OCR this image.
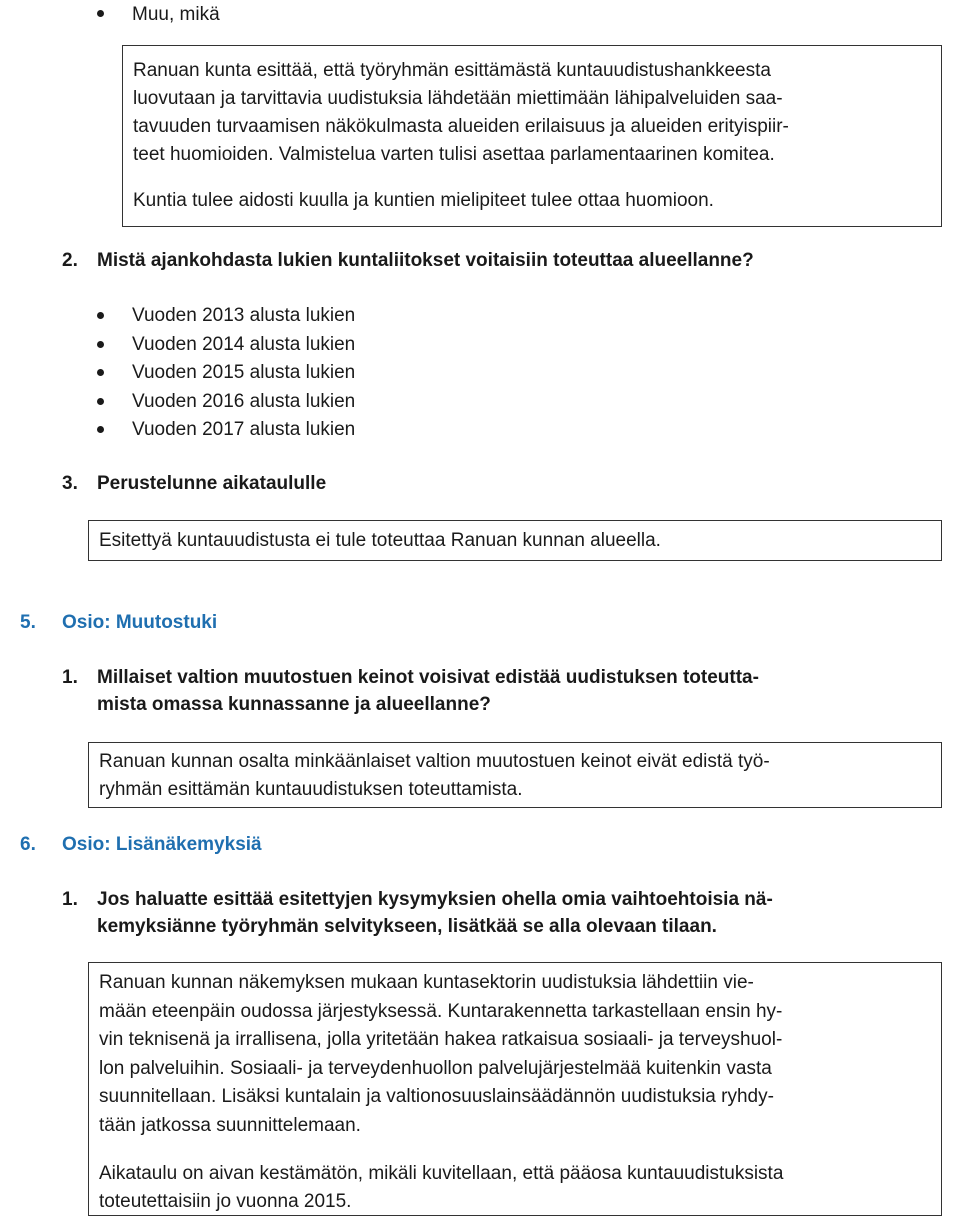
Muu, mikä
Ranuan kunta esittää, että työryhmän esittämästä kuntauudistushankkeesta
luovutaan ja tarvittavia uudistuksia lähdetään miettimään lähipalveluiden saa-
tavuuden turvaamisen näkökulmasta alueiden erilaisuus ja alueiden erityispiir-
teet huomioiden. Valmistelua varten tulisi asettaa parlamentaarinen komitea.
Kuntia tulee aidosti kuulla ja kuntien mielipiteet tulee ottaa huomioon.
2. Mistä ajankohdasta lukien kuntaliitokset voitaisiin toteuttaa alueellanne?
Vuoden 2013 alusta lukien
Vuoden 2014 alusta lukien
Vuoden 2015 alusta lukien
Vuoden 2016 alusta lukien
Vuoden 2017 alusta lukien
3. Perustelunne aikataululle
Esitettyä kuntauudistusta ei tule toteuttaa Ranuan kunnan alueella.
5. Osio: Muutostuki
1. Millaiset valtion muutostuen keinot voisivat edistää uudistuksen toteutta-
mista omassa kunnassanne ja alueellanne?
Ranuan kunnan osalta minkäänlaiset valtion muutostuen keinot eivät edistä työ-
ryhmän esittämän kuntauudistuksen toteuttamista.
6. Osio: Lisänäkemyksiä
1. Jos haluatte esittää esitettyjen kysymyksien ohella omia vaihtoehtoisia nä-
kemyksiänne työryhmän selvitykseen, lisätkää se alla olevaan tilaan.
Ranuan kunnan näkemyksen mukaan kuntasektorin uudistuksia lähdettiin vie-
mään eteenpäin oudossa järjestyksessä. Kuntarakennetta tarkastellaan ensin hy-
vin teknisenä ja irrallisena, jolla yritetään hakea ratkaisua sosiaali- ja terveyshuol-
lon palveluihin. Sosiaali- ja terveydenhuollon palvelujärjestelmää kuitenkin vasta
suunnitellaan. Lisäksi kuntalain ja valtionosuuslainsäädännön uudistuksia ryhdy-
tään jatkossa suunnittelemaan.
Aikataulu on aivan kestämätön, mikäli kuvitellaan, että pääosa kuntauudistuksista
toteutettaisiin jo vuonna 2015.
